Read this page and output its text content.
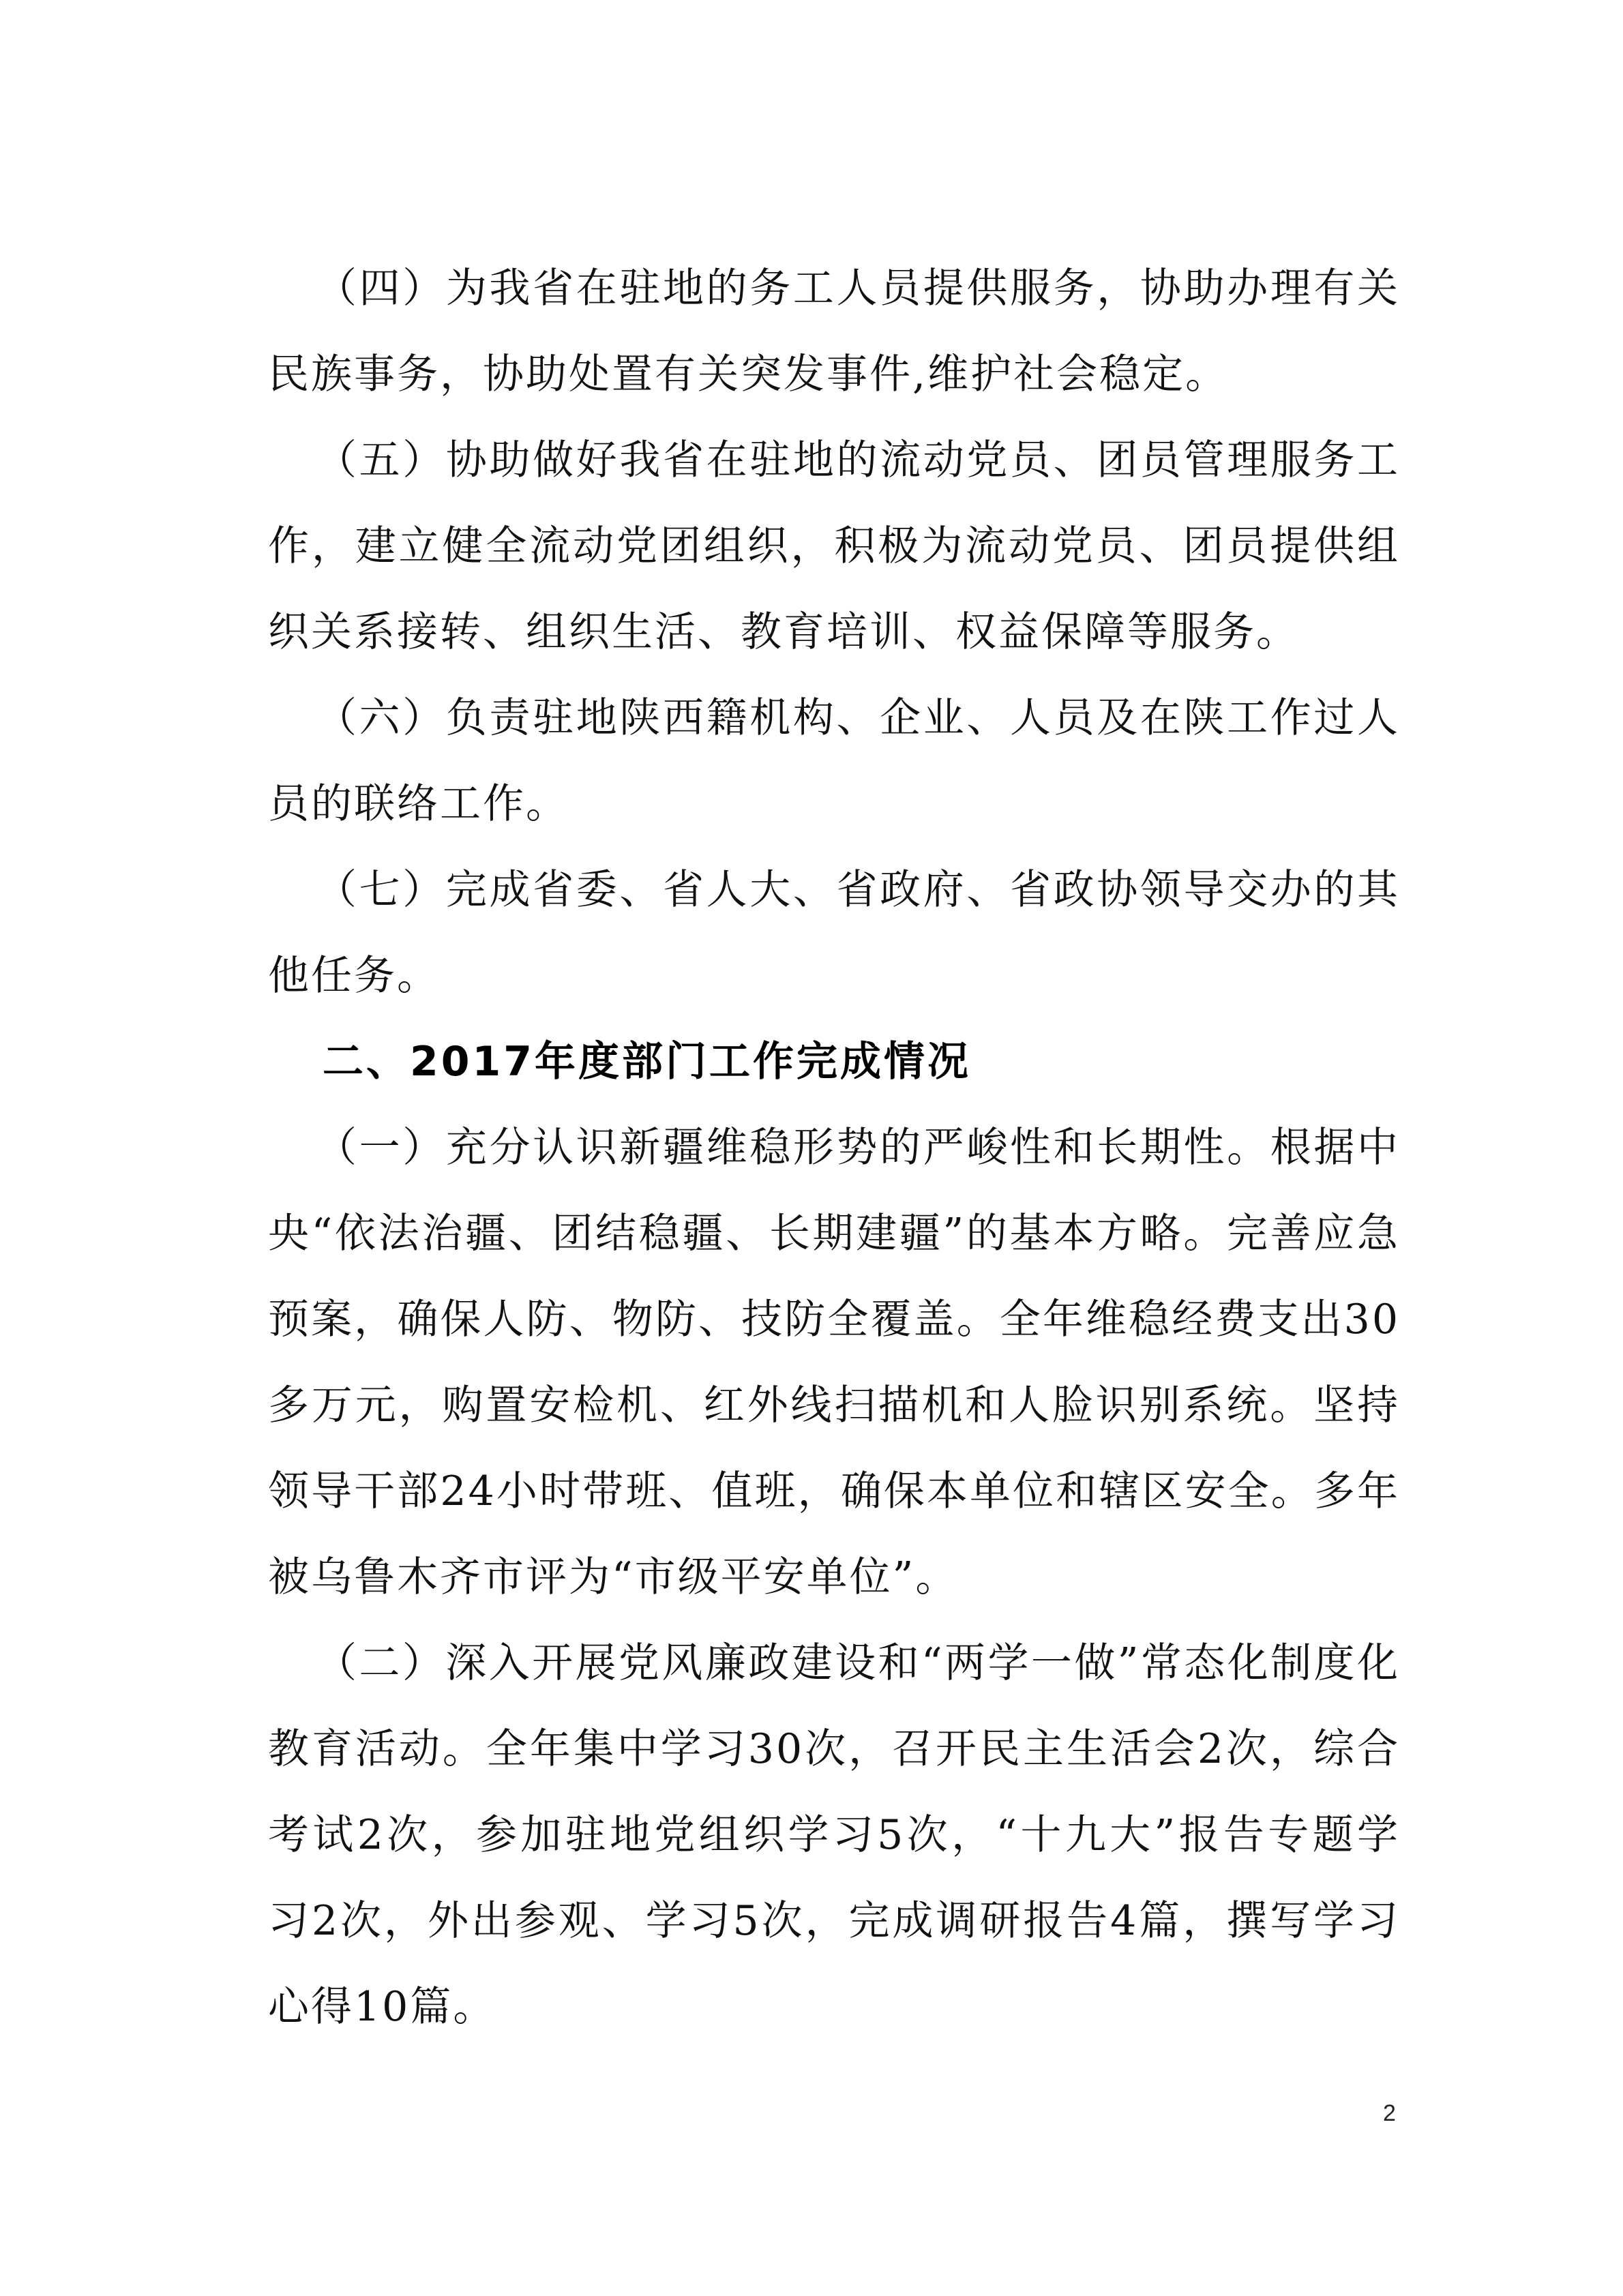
（四）为我省在驻地的务工人员提供服务，协助办理有关民族事务，协助处置有关突发事件,维护社会稳定。

（五）协助做好我省在驻地的流动党员、团员管理服务工作，建立健全流动党团组织，积极为流动党员、团员提供组织关系接转、组织生活、教育培训、权益保障等服务。

（六）负责驻地陕西籍机构、企业、人员及在陕工作过人员的联络工作。

（七）完成省委、省人大、省政府、省政协领导交办的其他任务。

二、2017年度部门工作完成情况

（一）充分认识新疆维稳形势的严峻性和长期性。根据中央“依法治疆、团结稳疆、长期建疆”的基本方略。完善应急预案，确保人防、物防、技防全覆盖。全年维稳经费支出30多万元，购置安检机、红外线扫描机和人脸识别系统。坚持领导干部24小时带班、值班，确保本单位和辖区安全。多年被乌鲁木齐市评为“市级平安单位”。

（二）深入开展党风廉政建设和“两学一做”常态化制度化教育活动。全年集中学习30次，召开民主生活会2次，综合考试2次，参加驻地党组织学习5次，“十九大”报告专题学习2次，外出参观、学习5次，完成调研报告4篇，撰写学习心得10篇。

2
